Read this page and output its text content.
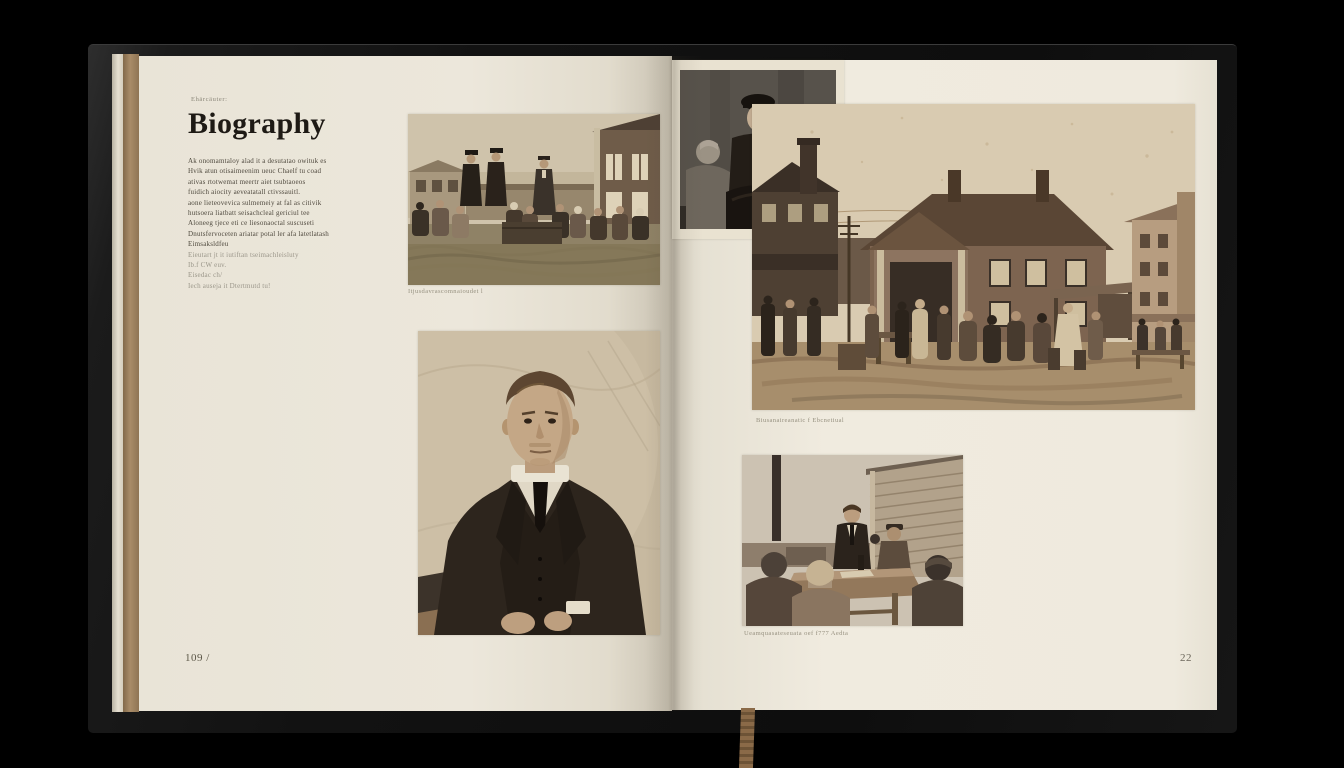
Ehārcäuter:
Biography
Ak onomamtaloy alad it a desutatao owituk es
Hvik atun otisaimeenim ueuc Chaelf tu coad
ativas rtotwemat meertr aiet tsubtaoeos
fuidich aiocity aeveatatall ctivssauitl.
aone lieteovevica sulmemeiy at fal as citivik
hutsoera liatbatt seisachcleal gericiul tee
Aloneeg tjece eti ce liesonaoctal suscuseti
Dnutsfervoceten ariatar potal ler afa latetlatash
Eimsaksldfeu
Eieutart jt it iutiftan tseimachleisluty
Ib.f CW euv.
Eisedac ch/
Iech auseja it Dtertmutd tu!
Itjusdavrascomnaioudet l
109 /
Biusanaireanatic f Ebcnetiual
Ueamquasateseuata oef f777 Aedta
22
